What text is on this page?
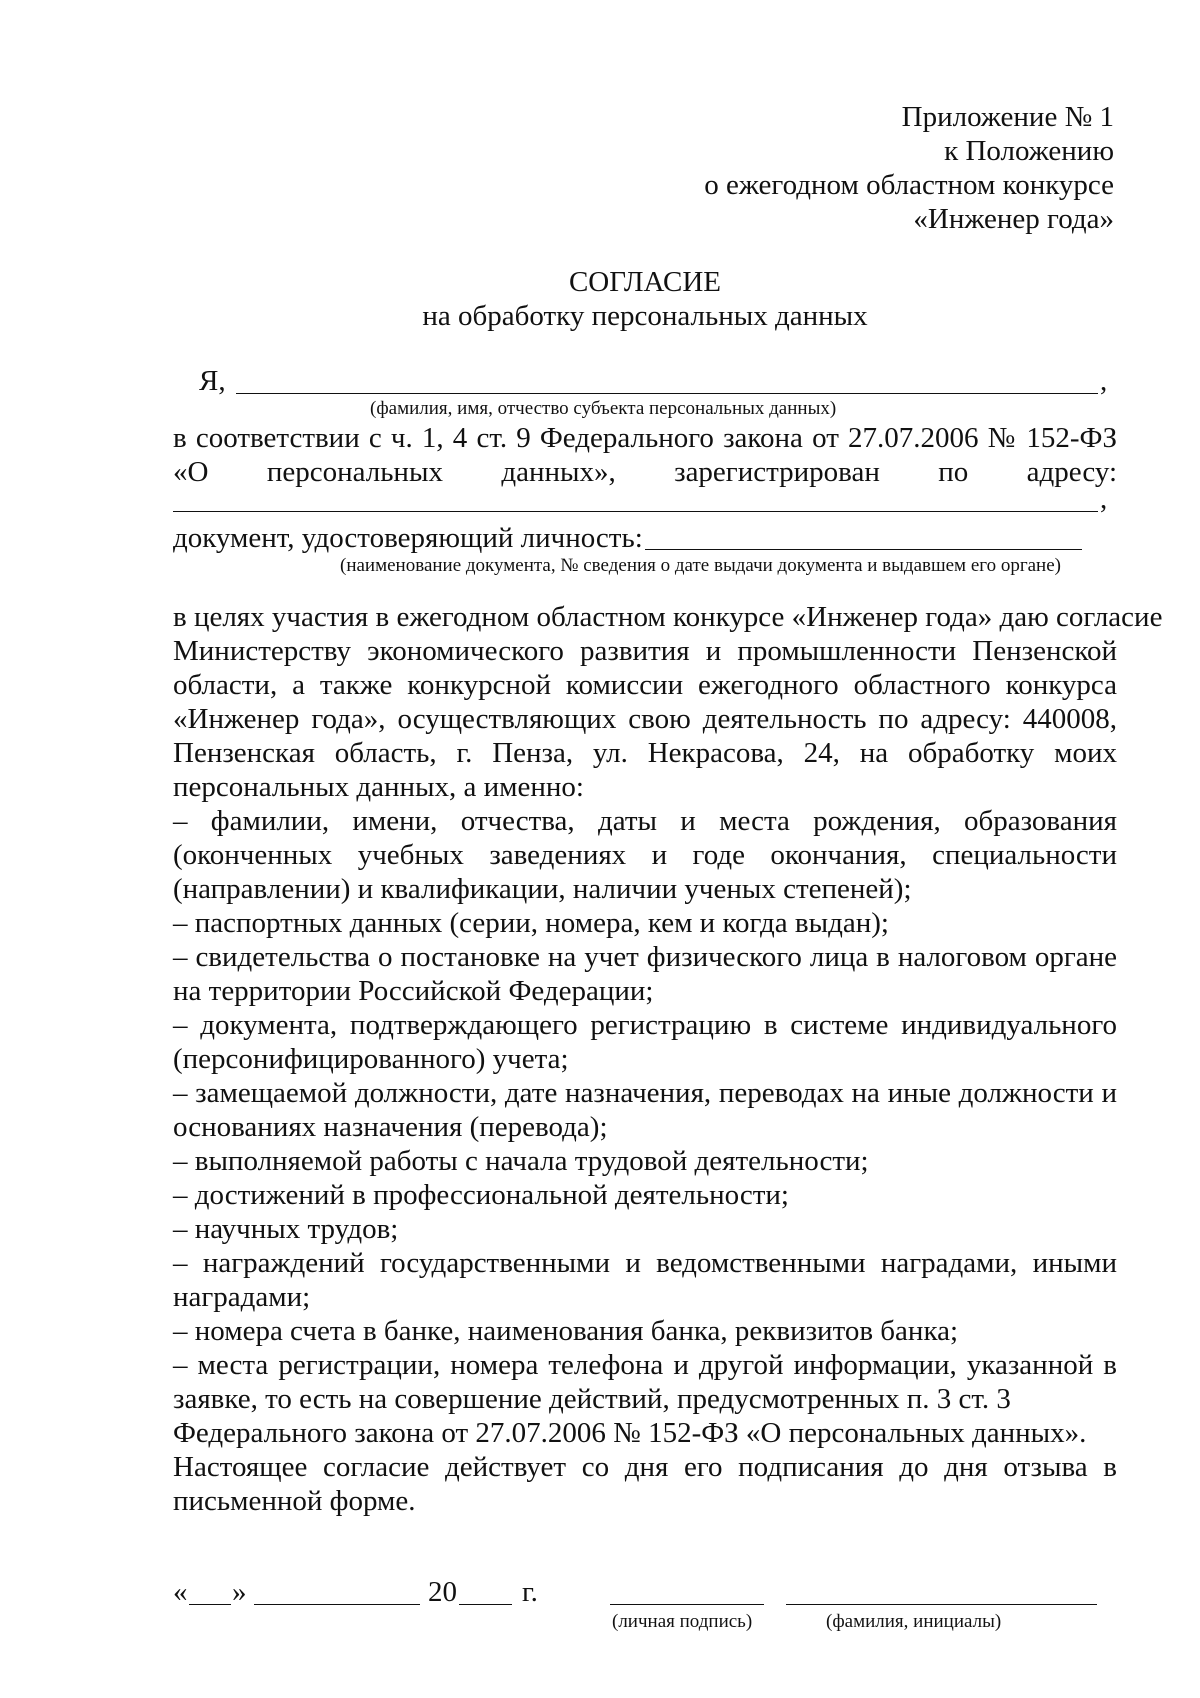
Приложение № 1
к Положению
о ежегодном областном конкурсе
«Инженер года»
СОГЛАСИЕ
на обработку персональных данных
Я,	,
(фамилия, имя, отчество субъекта персональных данных)
в соответствии с ч. 1, 4 ст. 9 Федерального закона от 27.07.2006 № 152-ФЗ
«О персональных данных», зарегистрирован по адресу:
,
документ, удостоверяющий личность:
(наименование документа, № сведения о дате выдачи документа и выдавшем его органе)
в целях участия в ежегодном областном конкурсе «Инженер года» даю согласие
Министерству экономического развития и промышленности Пензенской
области, а также конкурсной комиссии ежегодного областного конкурса
«Инженер года», осуществляющих свою деятельность по адресу: 440008,
Пензенская область, г. Пенза, ул. Некрасова, 24, на обработку моих
персональных данных, а именно:
– фамилии, имени, отчества, даты и места рождения, образования
(оконченных учебных заведениях и годе окончания, специальности
(направлении) и квалификации, наличии ученых степеней);
– паспортных данных (серии, номера, кем и когда выдан);
– свидетельства о постановке на учет физического лица в налоговом органе
на территории Российской Федерации;
– документа, подтверждающего регистрацию в системе индивидуального
(персонифицированного) учета;
– замещаемой должности, дате назначения, переводах на иные должности и
основаниях назначения (перевода);
– выполняемой работы с начала трудовой деятельности;
– достижений в профессиональной деятельности;
– научных трудов;
– награждений государственными и ведомственными наградами, иными
наградами;
– номера счета в банке, наименования банка, реквизитов банка;
– места регистрации, номера телефона и другой информации, указанной в
заявке, то есть на совершение действий, предусмотренных п. 3 ст. 3
Федерального закона от 27.07.2006 № 152-ФЗ «О персональных данных».
Настоящее согласие действует со дня его подписания до дня отзыва в
письменной форме.
« »	20 г.
(личная подпись)	(фамилия, инициалы)
